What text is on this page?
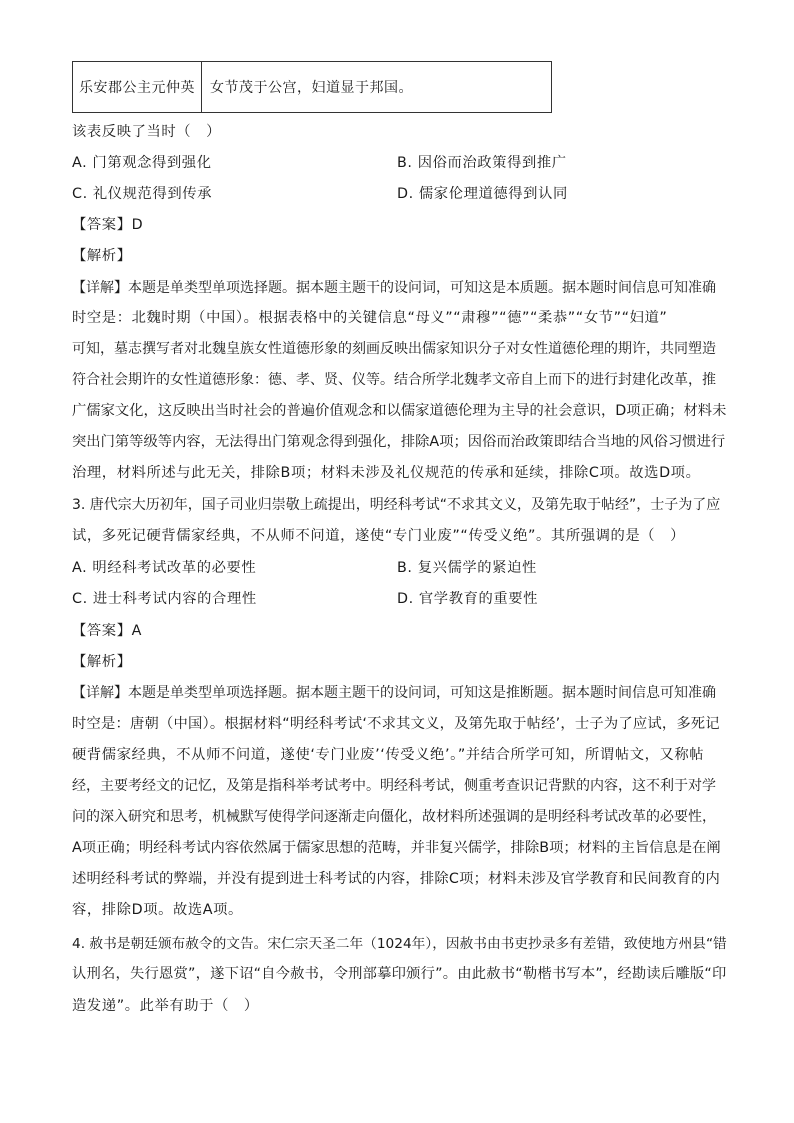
乐安郡公主元仲英	女节茂于公宫，妇道显于邦国。
该表反映了当时（　）
A. 门第观念得到强化	B. 因俗而治政策得到推广
C. 礼仪规范得到传承	D. 儒家伦理道德得到认同
【答案】D
【解析】
【详解】本题是单类型单项选择题。据本题主题干的设问词，可知这是本质题。据本题时间信息可知准确
时空是：北魏时期（中国）。根据表格中的关键信息“母义”“肃穆”“德”“柔恭”“女节”“妇道”
可知，墓志撰写者对北魏皇族女性道德形象的刻画反映出儒家知识分子对女性道德伦理的期许，共同塑造
符合社会期许的女性道德形象：德、孝、贤、仪等。结合所学北魏孝文帝自上而下的进行封建化改革，推
广儒家文化，这反映出当时社会的普遍价值观念和以儒家道德伦理为主导的社会意识，D项正确；材料未
突出门第等级等内容，无法得出门第观念得到强化，排除A项；因俗而治政策即结合当地的风俗习惯进行
治理，材料所述与此无关，排除B项；材料未涉及礼仪规范的传承和延续，排除C项。故选D项。
3. 唐代宗大历初年，国子司业归崇敬上疏提出，明经科考试“不求其文义，及第先取于帖经”，士子为了应
试，多死记硬背儒家经典，不从师不问道，遂使“专门业废”“传受义绝”。其所强调的是（　）
A. 明经科考试改革的必要性	B. 复兴儒学的紧迫性
C. 进士科考试内容的合理性	D. 官学教育的重要性
【答案】A
【解析】
【详解】本题是单类型单项选择题。据本题主题干的设问词，可知这是推断题。据本题时间信息可知准确
时空是：唐朝（中国）。根据材料“明经科考试‘不求其文义，及第先取于帖经’，士子为了应试，多死记
硬背儒家经典，不从师不问道，遂使‘专门业废’‘传受义绝’。”并结合所学可知，所谓帖文，又称帖
经，主要考经文的记忆，及第是指科举考试考中。明经科考试，侧重考查识记背默的内容，这不利于对学
问的深入研究和思考，机械默写使得学问逐渐走向僵化，故材料所述强调的是明经科考试改革的必要性，
A项正确；明经科考试内容依然属于儒家思想的范畴，并非复兴儒学，排除B项；材料的主旨信息是在阐
述明经科考试的弊端，并没有提到进士科考试的内容，排除C项；材料未涉及官学教育和民间教育的内
容，排除D项。故选A项。
4. 赦书是朝廷颁布赦令的文告。宋仁宗天圣二年（1024年），因赦书由书吏抄录多有差错，致使地方州县“错
认刑名，失行恩赏”，遂下诏“自今赦书，令刑部摹印颁行”。由此赦书“勒楷书写本”，经勘读后雕版“印
造发递”。此举有助于（　）
